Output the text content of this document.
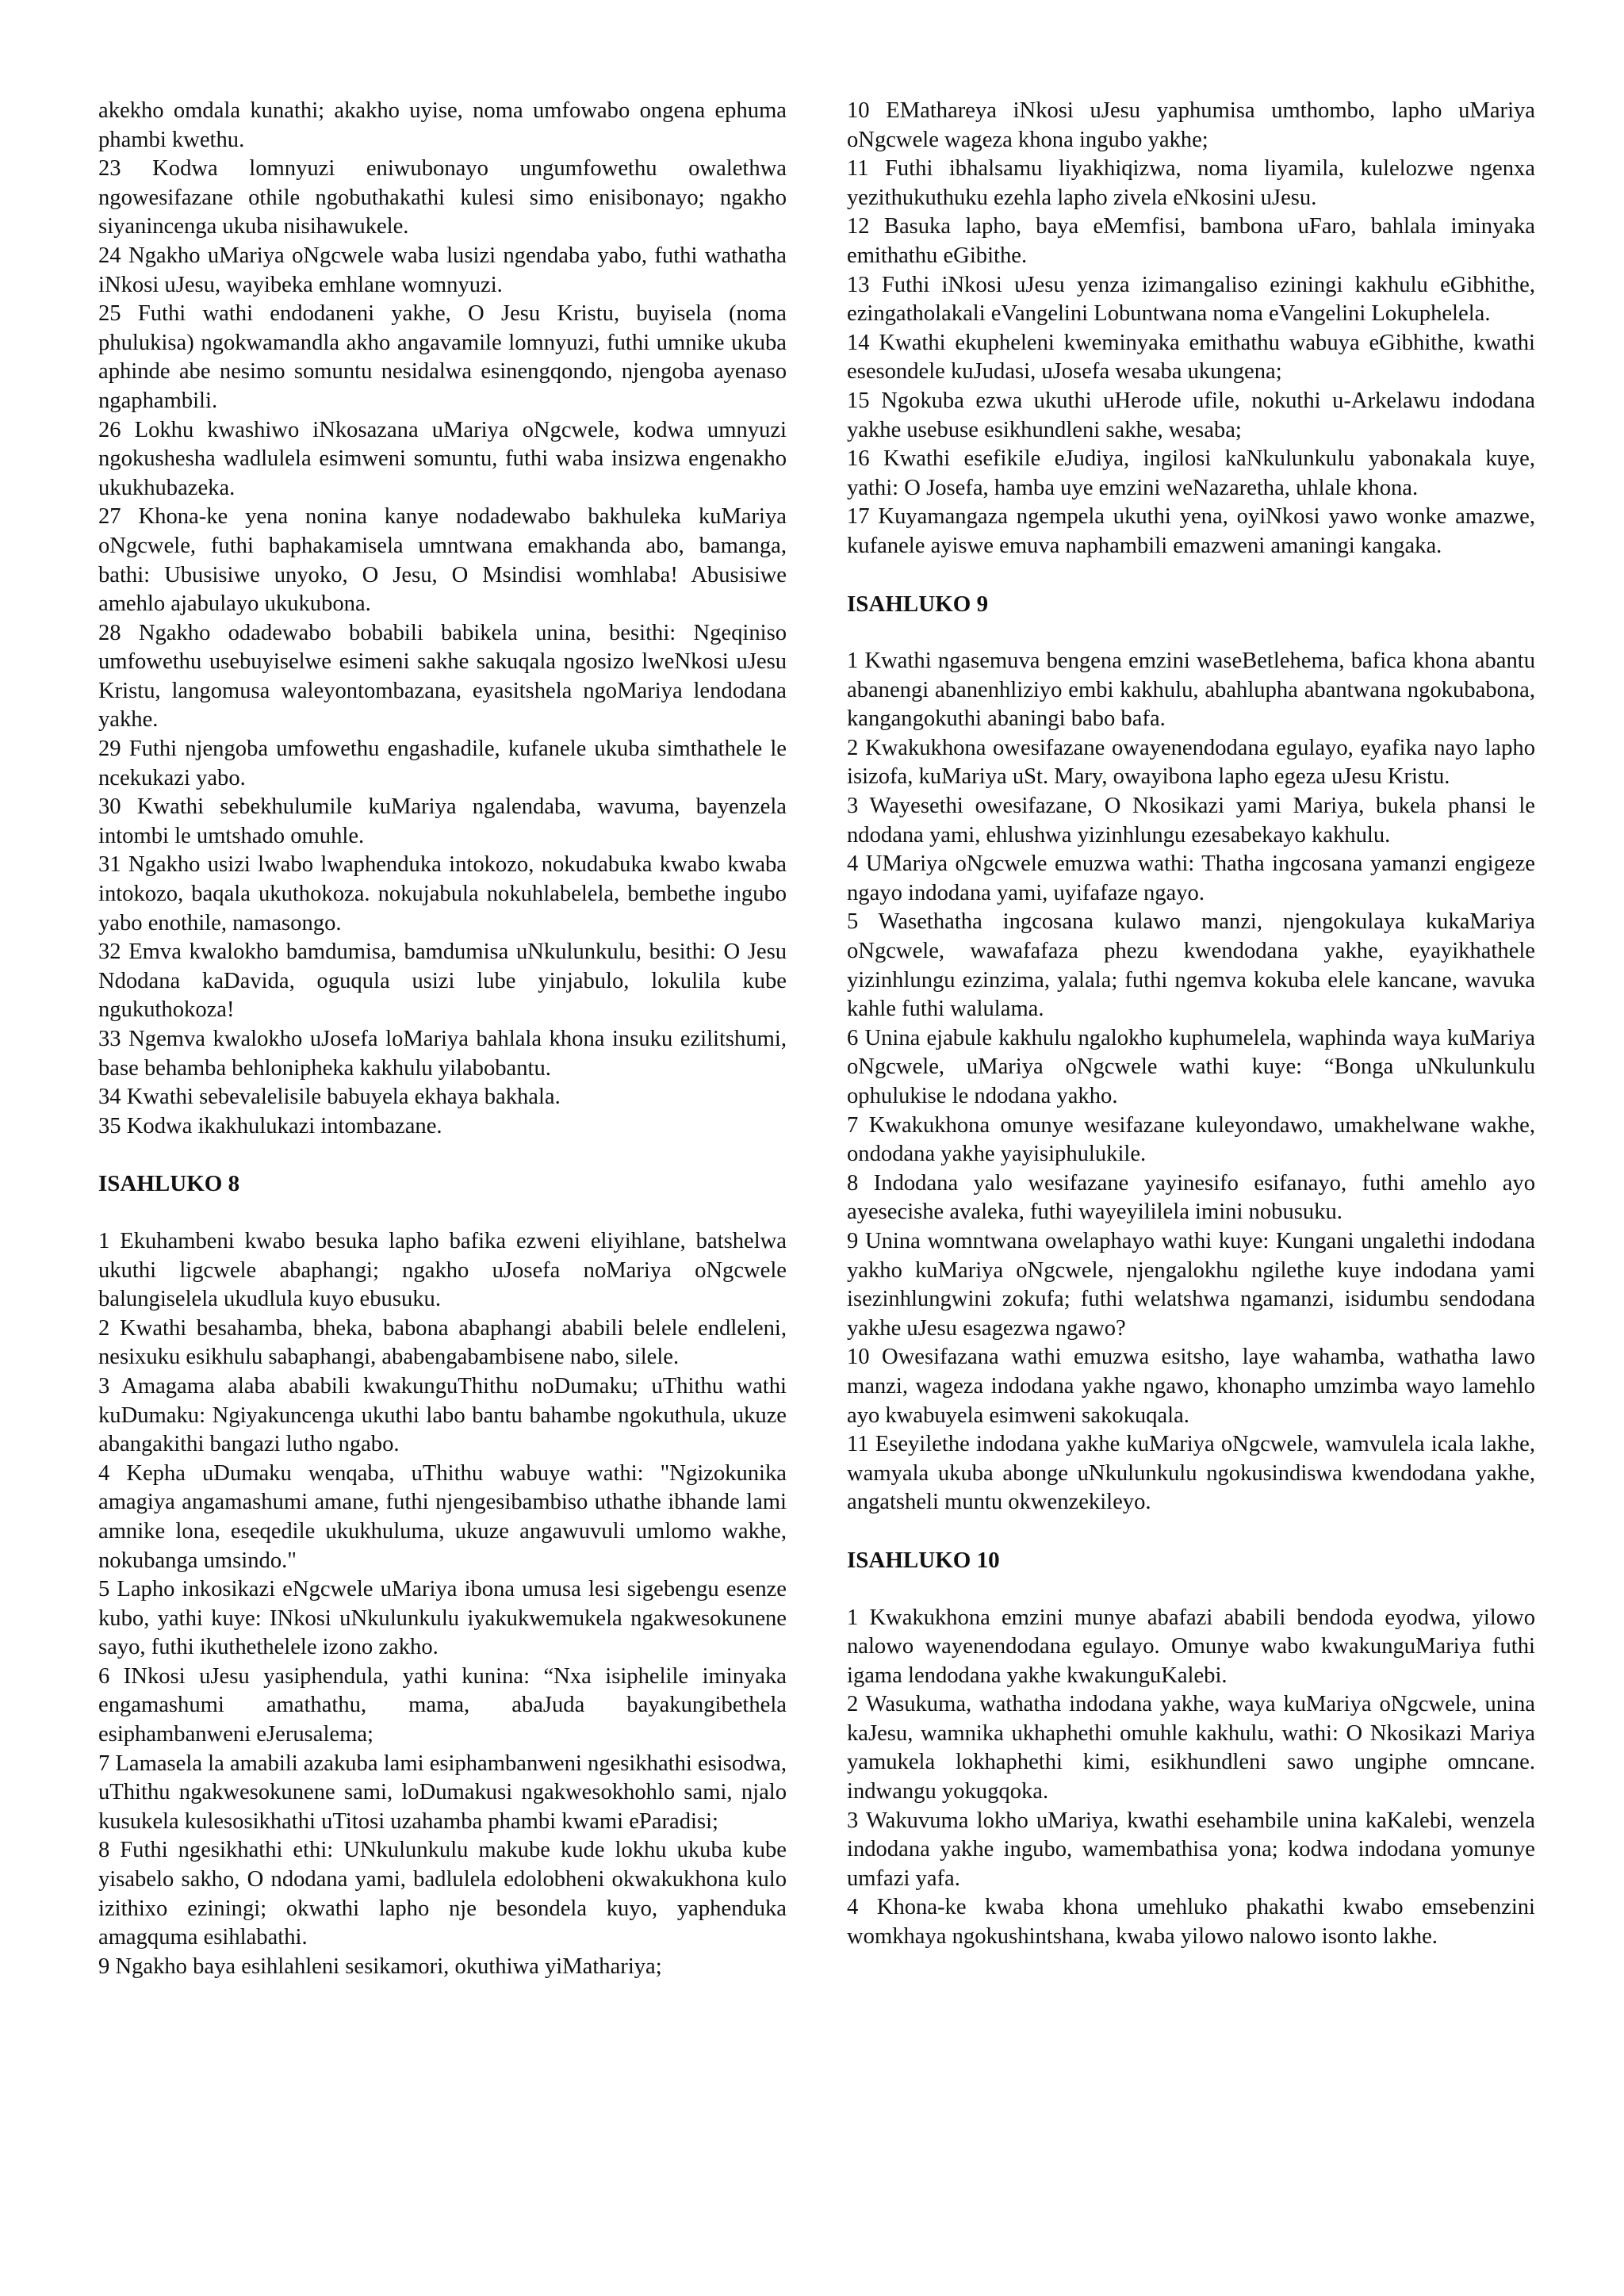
akekho omdala kunathi; akakho uyise, noma umfowabo ongena ephuma phambi kwethu.

23 Kodwa lomnyuzi eniwubonayo ungumfowethu owalethwa ngowesifazane othile ngobuthakathi kulesi simo enisibonayo; ngakho siyanincenga ukuba nisihawukele.

24 Ngakho uMariya oNgcwele waba lusizi ngendaba yabo, futhi wathatha iNkosi uJesu, wayibeka emhlane womnyuzi.

25 Futhi wathi endodaneni yakhe, O Jesu Kristu, buyisela (noma phulukisa) ngokwamandla akho angavamile lomnyuzi, futhi umnike ukuba aphinde abe nesimo somuntu nesidalwa esinengqondo, njengoba ayenaso ngaphambili.

26 Lokhu kwashiwo iNkosazana uMariya oNgcwele, kodwa umnyuzi ngokushesha wadlulela esimweni somuntu, futhi waba insizwa engenakho ukukhubazeka.

27 Khona-ke yena nonina kanye nodadewabo bakhuleka kuMariya oNgcwele, futhi baphakamisela umntwana emakhanda abo, bamanga, bathi: Ubusisiwe unyoko, O Jesu, O Msindisi womhlaba! Abusisiwe amehlo ajabulayo ukukubona.

28 Ngakho odadewabo bobabili babikela unina, besithi: Ngeqiniso umfowethu usebuyiselwe esimeni sakhe sakuqala ngosizo lweNkosi uJesu Kristu, langomusa waleyontombazana, eyasitshela ngoMariya lendodana yakhe.

29 Futhi njengoba umfowethu engashadile, kufanele ukuba simthathele le ncekukazi yabo.

30 Kwathi sebekhulumile kuMariya ngalendaba, wavuma, bayenzela intombi le umtshado omuhle.

31 Ngakho usizi lwabo lwaphenduka intokozo, nokudabuka kwabo kwaba intokozo, baqala ukuthokoza. nokujabula nokuhlabelela, bembethe ingubo yabo enothile, namasongo.

32 Emva kwalokho bamdumisa, bamdumisa uNkulunkulu, besithi: O Jesu Ndodana kaDavida, oguqula usizi lube yinjabulo, lokulila kube ngukuthokoza!

33 Ngemva kwalokho uJosefa loMariya bahlala khona insuku ezilitshumi, base behamba behlonipheka kakhulu yilabobantu.

34 Kwathi sebevalelisile babuyela ekhaya bakhala.

35 Kodwa ikakhulukazi intombazane.

ISAHLUKO 8

1 Ekuhambeni kwabo besuka lapho bafika ezweni eliyihlane, batshelwa ukuthi ligcwele abaphangi; ngakho uJosefa noMariya oNgcwele balungiselela ukudlula kuyo ebusuku.

2 Kwathi besahamba, bheka, babona abaphangi ababili belele endleleni, nesixuku esikhulu sabaphangi, ababengabambisene nabo, silele.

3 Amagama alaba ababili kwakunguThithu noDumaku; uThithu wathi kuDumaku: Ngiyakuncenga ukuthi labo bantu bahambe ngokuthula, ukuze abangakithi bangazi lutho ngabo.

4 Kepha uDumaku wenqaba, uThithu wabuye wathi: "Ngizokunika amagiya angamashumi amane, futhi njengesibambiso uthathe ibhande lami amnike lona, eseqedile ukukhuluma, ukuze angawuvuli umlomo wakhe, nokubanga umsindo."

5 Lapho inkosikazi eNgcwele uMariya ibona umusa lesi sigebengu esenze kubo, yathi kuye: INkosi uNkulunkulu iyakukwemukela ngakwesokunene sayo, futhi ikuthethelele izono zakho.

6 INkosi uJesu yasiphendula, yathi kunina: “Nxa isiphelile iminyaka engamashumi amathathu, mama, abaJuda bayakungibethela esiphambanweni eJerusalema;

7 Lamasela la amabili azakuba lami esiphambanweni ngesikhathi esisodwa, uThithu ngakwesokunene sami, loDumakusi ngakwesokhohlo sami, njalo kusukela kulesosikhathi uTitosi uzahamba phambi kwami eParadisi;

8 Futhi ngesikhathi ethi: UNkulunkulu makube kude lokhu ukuba kube yisabelo sakho, O ndodana yami, badlulela edolobheni okwakukhona kulo izithixo eziningi; okwathi lapho nje besondela kuyo, yaphenduka amagquma esihlabathi.

9 Ngakho baya esihlahleni sesikamori, okuthiwa yiMathariya;

10 EMathareya iNkosi uJesu yaphumisa umthombo, lapho uMariya oNgcwele wageza khona ingubo yakhe;

11 Futhi ibhalsamu liyakhiqizwa, noma liyamila, kulelozwe ngenxa yezithukuthuku ezehla lapho zivela eNkosini uJesu.

12 Basuka lapho, baya eMemfisi, bambona uFaro, bahlala iminyaka emithathu eGibithe.

13 Futhi iNkosi uJesu yenza izimangaliso eziningi kakhulu eGibhithe, ezingatholakali eVangelini Lobuntwana noma eVangelini Lokuphelela.

14 Kwathi ekupheleni kweminyaka emithathu wabuya eGibhithe, kwathi esesondele kuJudasi, uJosefa wesaba ukungena;

15 Ngokuba ezwa ukuthi uHerode ufile, nokuthi u-Arkelawu indodana yakhe usebuse esikhundleni sakhe, wesaba;

16 Kwathi esefikile eJudiya, ingilosi kaNkulunkulu yabonakala kuye, yathi: O Josefa, hamba uye emzini weNazaretha, uhlale khona.

17 Kuyamangaza ngempela ukuthi yena, oyiNkosi yawo wonke amazwe, kufanele ayiswe emuva naphambili emazweni amaningi kangaka.

ISAHLUKO 9

1 Kwathi ngasemuva bengena emzini waseBetlehema, bafica khona abantu abanengi abanenhliziyo embi kakhulu, abahlupha abantwana ngokubabona, kangangokuthi abaningi babo bafa.

2 Kwakukhona owesifazane owayenendodana egulayo, eyafika nayo lapho isizofa, kuMariya uSt. Mary, owayibona lapho egeza uJesu Kristu.

3 Wayesethi owesifazane, O Nkosikazi yami Mariya, bukela phansi le ndodana yami, ehlushwa yizinhlungu ezesabekayo kakhulu.

4 UMariya oNgcwele emuzwa wathi: Thatha ingcosana yamanzi engigeze ngayo indodana yami, uyifafaze ngayo.

5 Wasethatha ingcosana kulawo manzi, njengokulaya kukaMariya oNgcwele, wawafafaza phezu kwendodana yakhe, eyayikhathele yizinhlungu ezinzima, yalala; futhi ngemva kokuba elele kancane, wavuka kahle futhi walulama.

6 Unina ejabule kakhulu ngalokho kuphumelela, waphinda waya kuMariya oNgcwele, uMariya oNgcwele wathi kuye: “Bonga uNkulunkulu ophulukise le ndodana yakho.

7 Kwakukhona omunye wesifazane kuleyondawo, umakhelwane wakhe, ondodana yakhe yayisiphulukile.

8 Indodana yalo wesifazane yayinesifo esifanayo, futhi amehlo ayo ayesecishe avaleka, futhi wayeyililela imini nobusuku.

9 Unina womntwana owelaphayo wathi kuye: Kungani ungalethi indodana yakho kuMariya oNgcwele, njengalokhu ngilethe kuye indodana yami isezinhlungwini zokufa; futhi welatshwa ngamanzi, isidumbu sendodana yakhe uJesu esagezwa ngawo?

10 Owesifazana wathi emuzwa esitsho, laye wahamba, wathatha lawo manzi, wageza indodana yakhe ngawo, khonapho umzimba wayo lamehlo ayo kwabuyela esimweni sakokuqala.

11 Eseyilethe indodana yakhe kuMariya oNgcwele, wamvulela icala lakhe, wamyala ukuba abonge uNkulunkulu ngokusindiswa kwendodana yakhe, angatsheli muntu okwenzekileyo.

ISAHLUKO 10

1 Kwakukhona emzini munye abafazi ababili bendoda eyodwa, yilowo nalowo wayenendodana egulayo. Omunye wabo kwakunguMariya futhi igama lendodana yakhe kwakunguKalebi.

2 Wasukuma, wathatha indodana yakhe, waya kuMariya oNgcwele, unina kaJesu, wamnika ukhaphethi omuhle kakhulu, wathi: O Nkosikazi Mariya yamukela lokhaphethi kimi, esikhundleni sawo ungiphe omncane. indwangu yokugqoka.

3 Wakuvuma lokho uMariya, kwathi esehambile unina kaKalebi, wenzela indodana yakhe ingubo, wamembathisa yona; kodwa indodana yomunye umfazi yafa.

4 Khona-ke kwaba khona umehluko phakathi kwabo emsebenzini womkhaya ngokushintshana, kwaba yilowo nalowo isonto lakhe.
